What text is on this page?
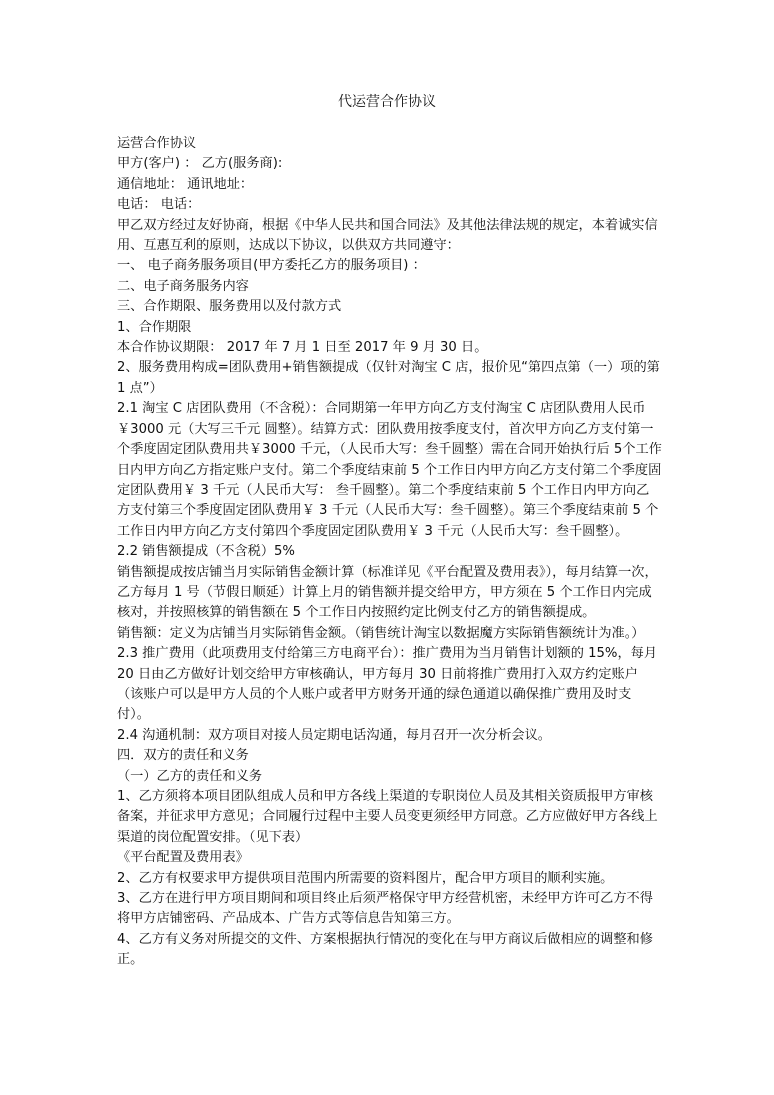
代运营合作协议

运营合作协议

甲方(客户) ： 乙方(服务商):

通信地址： 通讯地址：

电话： 电话：

甲乙双方经过友好协商，根据《中华人民共和国合同法》及其他法律法规的规定，本着诚实信用、互惠互利的原则，达成以下协议，以供双方共同遵守：

一、 电子商务服务项目(甲方委托乙方的服务项目) ：

二、电子商务服务内容

三、合作期限、服务费用以及付款方式

1、合作期限

本合作协议期限： 2017 年 7 月 1 日至 2017 年 9 月 30 日。

2、服务费用构成=团队费用+销售额提成（仅针对淘宝 C 店，报价见“第四点第（一）项的第 1 点”）

2.1 淘宝 C 店团队费用（不含税）：合同期第一年甲方向乙方支付淘宝 C 店团队费用人民币￥3000 元（大写三千元 圆整）。结算方式：团队费用按季度支付，首次甲方向乙方支付第一个季度固定团队费用共￥3000 千元，（人民币大写：叁千圆整）需在合同开始执行后 5个工作日内甲方向乙方指定账户支付。第二个季度结束前 5 个工作日内甲方向乙方支付第二个季度固定团队费用￥ 3 千元（人民币大写： 叁千圆整）。第二个季度结束前 5 个工作日内甲方向乙方支付第三个季度固定团队费用￥ 3 千元（人民币大写：叁千圆整）。第三个季度结束前 5 个工作日内甲方向乙方支付第四个季度固定团队费用￥ 3 千元（人民币大写：叁千圆整）。

2.2 销售额提成（不含税）5%

销售额提成按店铺当月实际销售金额计算（标准详见《平台配置及费用表》），每月结算一次，乙方每月 1 号（节假日顺延）计算上月的销售额并提交给甲方，甲方须在 5 个工作日内完成核对，并按照核算的销售额在 5 个工作日内按照约定比例支付乙方的销售额提成。

销售额：定义为店铺当月实际销售金额。（销售统计淘宝以数据魔方实际销售额统计为准。）

2.3 推广费用（此项费用支付给第三方电商平台）：推广费用为当月销售计划额的 15%，每月 20 日由乙方做好计划交给甲方审核确认，甲方每月 30 日前将推广费用打入双方约定账户（该账户可以是甲方人员的个人账户或者甲方财务开通的绿色通道以确保推广费用及时支付）。

2.4 沟通机制：双方项目对接人员定期电话沟通，每月召开一次分析会议。

四．双方的责任和义务

（一）乙方的责任和义务

1、乙方须将本项目团队组成人员和甲方各线上渠道的专职岗位人员及其相关资质报甲方审核备案，并征求甲方意见；合同履行过程中主要人员变更须经甲方同意。乙方应做好甲方各线上渠道的岗位配置安排。（见下表）

《平台配置及费用表》

2、乙方有权要求甲方提供项目范围内所需要的资料图片，配合甲方项目的顺利实施。

3、乙方在进行甲方项目期间和项目终止后须严格保守甲方经营机密，未经甲方许可乙方不得将甲方店铺密码、产品成本、广告方式等信息告知第三方。

4、乙方有义务对所提交的文件、方案根据执行情况的变化在与甲方商议后做相应的调整和修正。
